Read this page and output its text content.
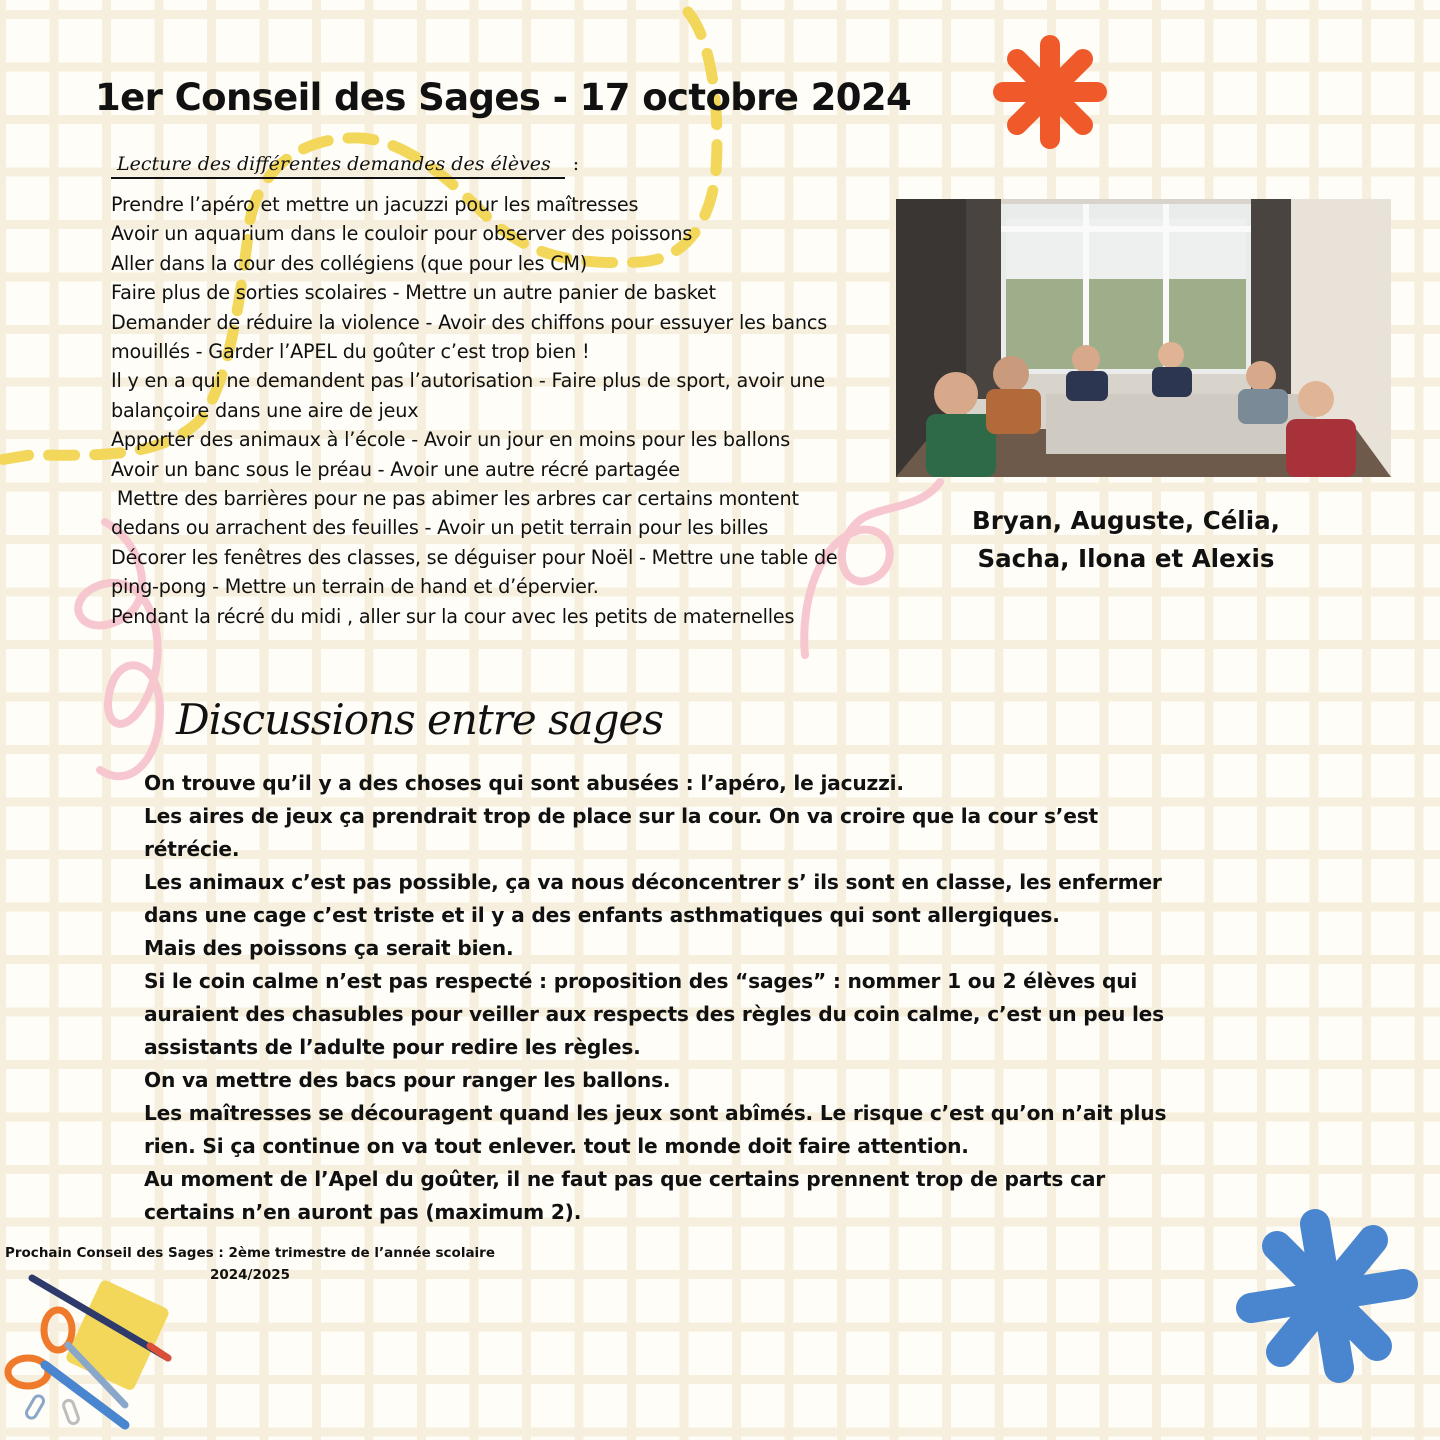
1er Conseil des Sages - 17 octobre 2024
Lecture des différentes demandes des élèves :
Prendre l’apéro et mettre un jacuzzi pour les maîtresses
Avoir un aquarium dans le couloir pour observer des poissons
Aller dans la cour des collégiens (que pour les CM)
Faire plus de sorties scolaires - Mettre un autre panier de basket
Demander de réduire la violence - Avoir des chiffons pour essuyer les bancs
mouillés - Garder l’APEL du goûter c’est trop bien !
Il y en a qui ne demandent pas l’autorisation - Faire plus de sport, avoir une
balançoire dans une aire de jeux
Apporter des animaux à l’école - Avoir un jour en moins pour les ballons
Avoir un banc sous le préau - Avoir une autre récré partagée
Mettre des barrières pour ne pas abimer les arbres car certains montent
dedans ou arrachent des feuilles - Avoir un petit terrain pour les billes
Décorer les fenêtres des classes, se déguiser pour Noël - Mettre une table de
ping-pong - Mettre un terrain de hand et d’épervier.
Pendant la récré du midi , aller sur la cour avec les petits de maternelles
Bryan, Auguste, Célia,
Sacha, Ilona et Alexis
Discussions entre sages
On trouve qu’il y a des choses qui sont abusées : l’apéro, le jacuzzi.
Les aires de jeux ça prendrait trop de place sur la cour. On va croire que la cour s’est
rétrécie.
Les animaux c’est pas possible, ça va nous déconcentrer s’ ils sont en classe, les enfermer
dans une cage c’est triste et il y a des enfants asthmatiques qui sont allergiques.
Mais des poissons ça serait bien.
Si le coin calme n’est pas respecté : proposition des “sages” : nommer 1 ou 2 élèves qui
auraient des chasubles pour veiller aux respects des règles du coin calme, c’est un peu les
assistants de l’adulte pour redire les règles.
On va mettre des bacs pour ranger les ballons.
Les maîtresses se découragent quand les jeux sont abîmés. Le risque c’est qu’on n’ait plus
rien. Si ça continue on va tout enlever. tout le monde doit faire attention.
Au moment de l’Apel du goûter, il ne faut pas que certains prennent trop de parts car
certains n’en auront pas (maximum 2).
Prochain Conseil des Sages : 2ème trimestre de l’année scolaire
2024/2025
